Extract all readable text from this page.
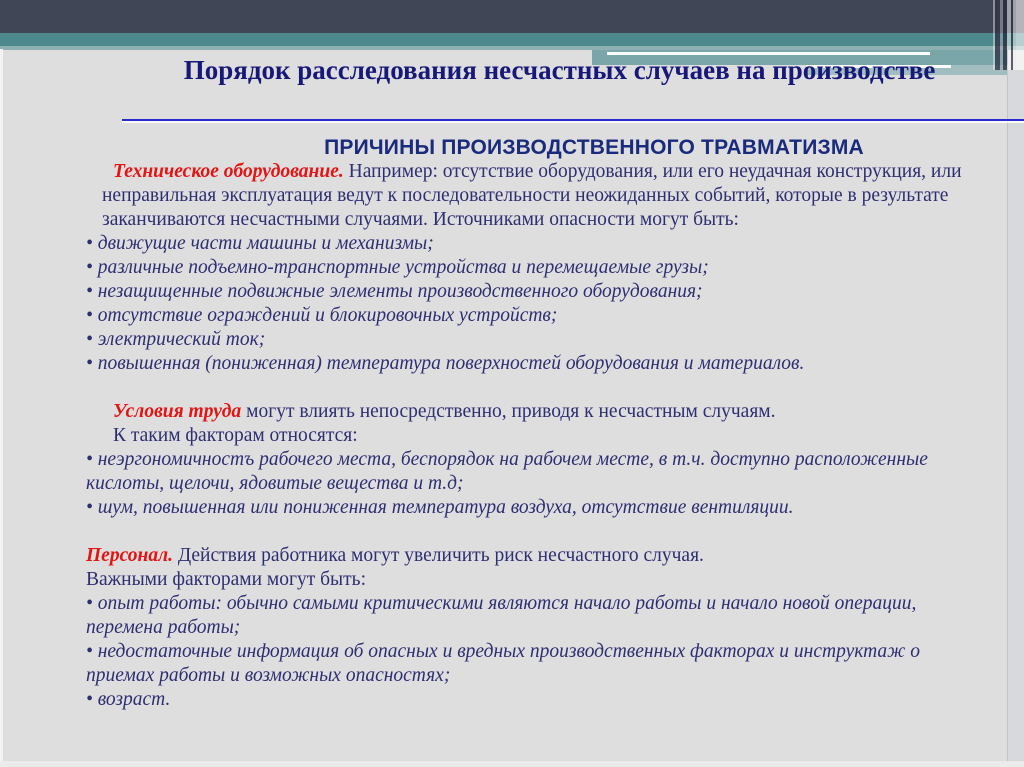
Порядок расследования несчастных случаев на производстве

ПРИЧИНЫ ПРОИЗВОДСТВЕННОГО ТРАВМАТИЗМА

Техническое оборудование. Например: отсутствие оборудования, или его неудачная конструкция, или неправильная эксплуатация ведут к последовательности неожиданных событий, которые в результате заканчиваются несчастными случаями. Источниками опасности могут быть:

• движущие части машины и механизмы;

• различные подъемно-транспортные устройства и перемещаемые грузы;

• незащищенные подвижные элементы производственного оборудования;

• отсутствие ограждений и блокировочных устройств;

• электрический ток;

• повышенная (пониженная) температура поверхностей оборудования и материалов.

Условия труда могут влиять непосредственно, приводя к несчастным случаям.

К таким факторам относятся:

• неэргономичностъ рабочего места, беспорядок на рабочем месте, в т.ч. доступно расположенные кислоты, щелочи, ядовитые вещества и т.д;

• шум, повышенная или пониженная температура воздуха, отсутствие вентиляции.

Персонал. Действия работника могут увеличить риск несчастного случая.

Важными факторами могут быть:

• опыт работы: обычно самыми критическими являются начало работы и начало новой операции, перемена работы;

• недостаточные информация об опасных и вредных производственных факторах и инструктаж о приемах работы и возможных опасностях;

• возраст.
